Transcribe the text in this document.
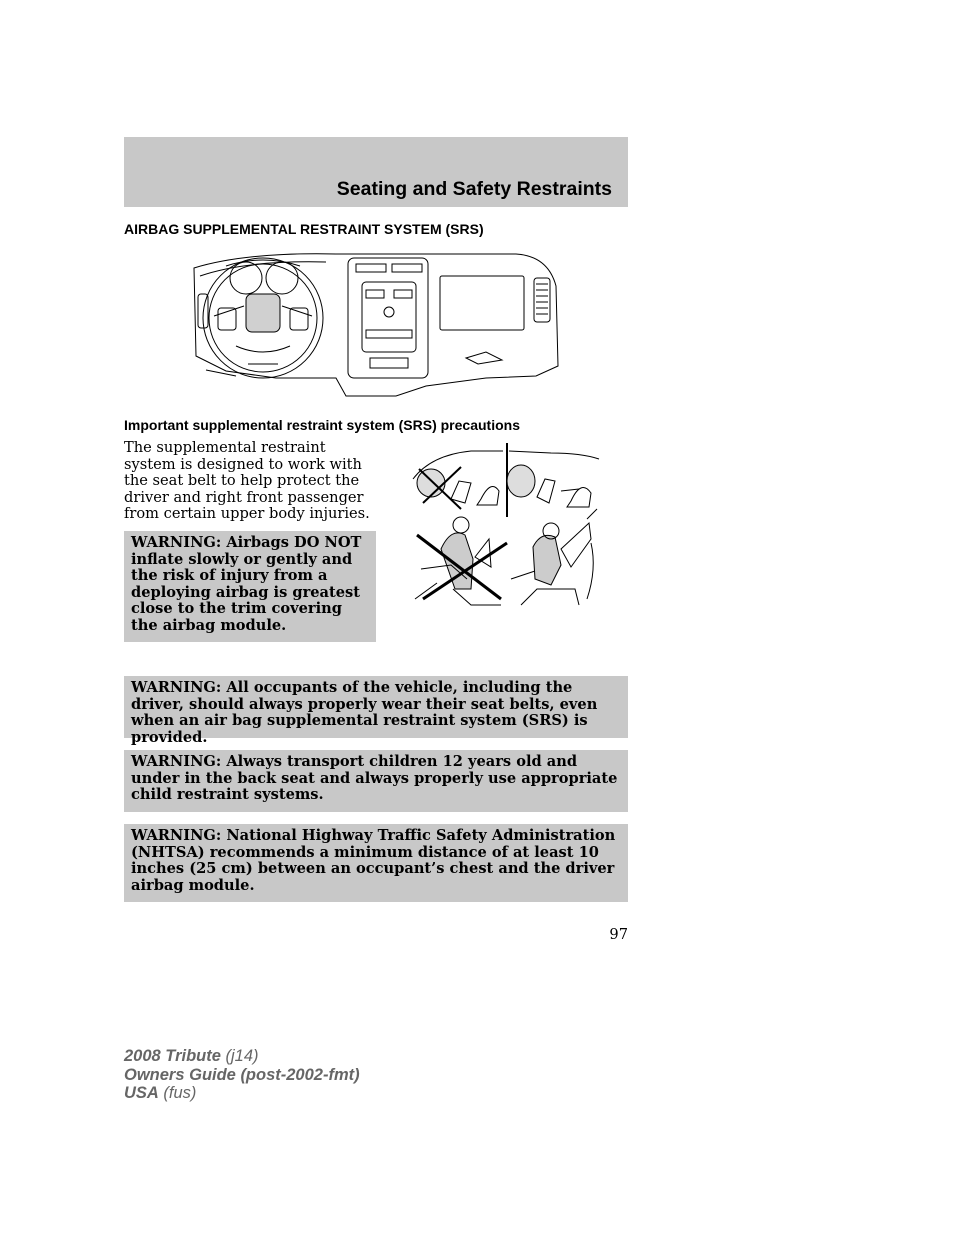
Seating and Safety Restraints
AIRBAG SUPPLEMENTAL RESTRAINT SYSTEM (SRS)
Important supplemental restraint system (SRS) precautions
The supplemental restraint system is designed to work with the seat belt to help protect the driver and right front passenger from certain upper body injuries.
WARNING: Airbags DO NOT inflate slowly or gently and the risk of injury from a deploying airbag is greatest close to the trim covering the airbag module.
WARNING: All occupants of the vehicle, including the driver, should always properly wear their seat belts, even when an air bag supplemental restraint system (SRS) is provided.
WARNING: Always transport children 12 years old and under in the back seat and always properly use appropriate child restraint systems.
WARNING: National Highway Traffic Safety Administration (NHTSA) recommends a minimum distance of at least 10 inches (25 cm) between an occupant’s chest and the driver airbag module.
97
2008 Tribute (j14)
Owners Guide (post-2002-fmt)
USA (fus)
